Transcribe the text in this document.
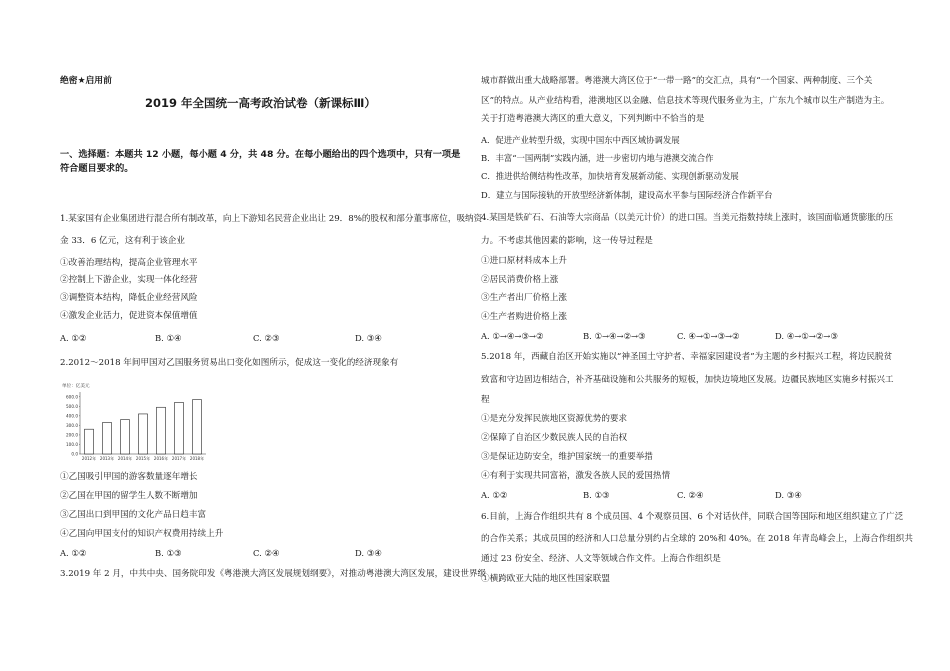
绝密★启用前
2019 年全国统一高考政治试卷（新课标Ⅲ）
一、选择题：本题共 12 小题，每小题 4 分，共 48 分。在每小题给出的四个选项中，只有一项是
符合题目要求的。
1.某家国有企业集团进行混合所有制改革，向上下游知名民营企业出让 29．8%的股权和部分董事席位，吸纳资
金 33．6 亿元，这有利于该企业
①改善治理结构，提高企业管理水平
②控制上下游企业，实现一体化经营
③调整资本结构，降低企业经营风险
④激发企业活力，促进资本保值增值
A. ①②	B. ①④	C. ②③	D. ③④
2.2012～2018 年间甲国对乙国服务贸易出口变化如图所示，促成这一变化的经济现象有
单位：亿美元
600.0
500.0
400.0
300.0
200.0
100.0
0.0
2012年 2013年 2014年 2015年 2016年 2017年 2018年
①乙国吸引甲国的游客数量逐年增长
②乙国在甲国的留学生人数不断增加
③乙国出口到甲国的文化产品日趋丰富
④乙国向甲国支付的知识产权费用持续上升
A. ①②	B. ①③	C. ②④	D. ③④
3.2019 年 2 月，中共中央、国务院印发《粤港澳大湾区发展规划纲要》，对推动粤港澳大湾区发展，建设世界级
城市群做出重大战略部署。粤港澳大湾区位于“一带一路”的交汇点，具有“一个国家、两种制度、三个关
区”的特点。从产业结构看，港澳地区以金融、信息技术等现代服务业为主，广东九个城市以生产制造为主。
关于打造粤港澳大湾区的重大意义，下列判断中不恰当的是
A．促进产业转型升级，实现中国东中西区域协调发展
B．丰富“一国两制”实践内涵，进一步密切内地与港澳交流合作
C．推进供给侧结构性改革，加快培育发展新动能、实现创新驱动发展
D．建立与国际接轨的开放型经济新体制，建设高水平参与国际经济合作新平台
4.某国是铁矿石、石油等大宗商品（以美元计价）的进口国。当美元指数持续上涨时，该国面临通货膨胀的压
力。不考虑其他因素的影响，这一传导过程是
①进口原材料成本上升
②居民消费价格上涨
③生产者出厂价格上涨
④生产者购进价格上涨
A. ①→④→③→②	B. ①→④→②→③	C. ④→①→③→②	D. ④→①→②→③
5.2018 年，西藏自治区开始实施以“神圣国土守护者、幸福家园建设者”为主题的乡村振兴工程，将边民脱贫
致富和守边固边相结合，补齐基础设施和公共服务的短板，加快边境地区发展。边疆民族地区实施乡村振兴工
程
①是充分发挥民族地区资源优势的要求
②保障了自治区少数民族人民的自治权
③是保证边防安全，维护国家统一的重要举措
④有利于实现共同富裕，激发各族人民的爱国热情
A. ①②	B. ①③	C. ②④	D. ③④
6.目前，上海合作组织共有 8 个成员国、4 个观察员国、6 个对话伙伴，同联合国等国际和地区组织建立了广泛
的合作关系；其成员国的经济和人口总量分别约占全球的 20%和 40%。在 2018 年青岛峰会上，上海合作组织共
通过 23 份安全、经济、人文等领域合作文件。上海合作组织是
①横跨欧亚大陆的地区性国家联盟
